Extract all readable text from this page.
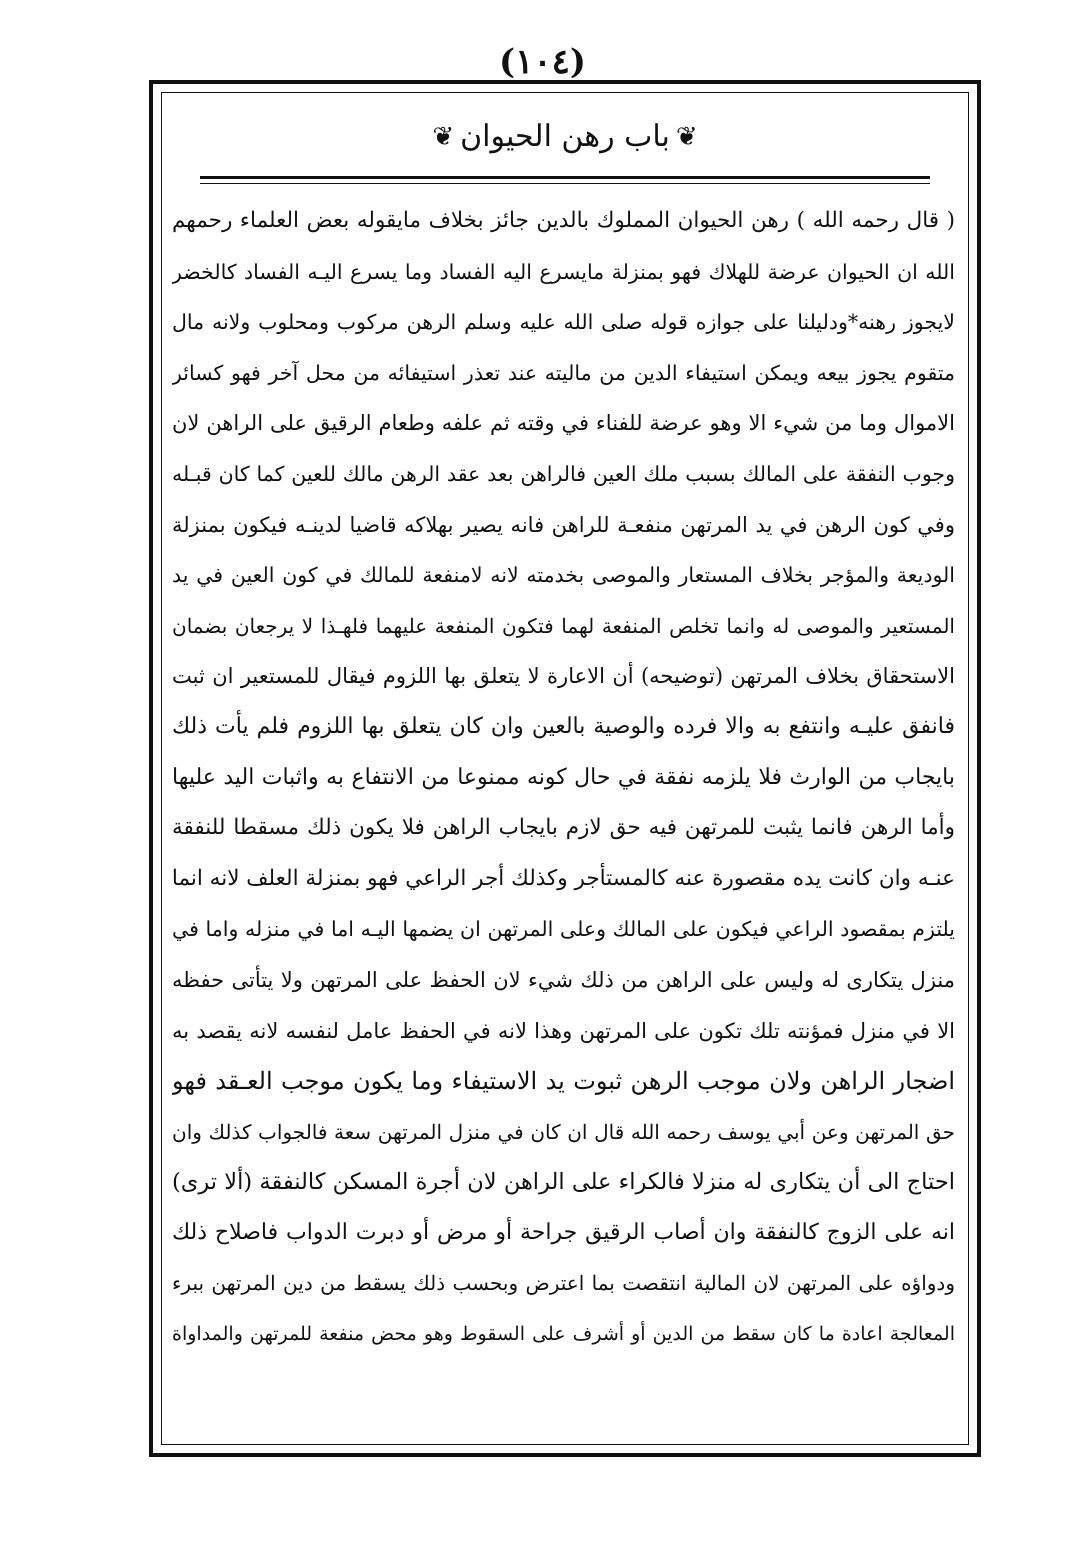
(١٠٤)
❦
باب رهن الحيوان
❦
( قال رحمه الله ) رهن الحيوان المملوك بالدين جائز بخلاف مايقوله بعض العلماء رحمهم
الله ان الحيوان عرضة للهلاك فهو بمنزلة مايسرع اليه الفساد وما يسرع اليـه الفساد كالخضر
لايجوز رهنه*ودليلنا على جوازه قوله صلى الله عليه وسلم الرهن مركوب ومحلوب ولانه مال
متقوم يجوز بيعه ويمكن استيفاء الدين من ماليته عند تعذر استيفائه من محل آخر فهو كسائر
الاموال وما من شيء الا وهو عرضة للفناء في وقته ثم علفه وطعام الرقيق على الراهن لان
وجوب النفقة على المالك بسبب ملك العين فالراهن بعد عقد الرهن مالك للعين كما كان قبـله
وفي كون الرهن في يد المرتهن منفعـة للراهن فانه يصير بهلاكه قاضيا لدينـه فيكون بمنزلة
الوديعة والمؤجر بخلاف المستعار والموصى بخدمته لانه لامنفعة للمالك في كون العين في يد
المستعير والموصى له وانما تخلص المنفعة لهما فتكون المنفعة عليهما فلهـذا لا يرجعان بضمان
الاستحقاق بخلاف المرتهن (توضيحه) أن الاعارة لا يتعلق بها اللزوم فيقال للمستعير ان ثبت
فانفق عليـه وانتفع به والا فرده والوصية بالعين وان كان يتعلق بها اللزوم فلم يأت ذلك
بايجاب من الوارث فلا يلزمه نفقة في حال كونه ممنوعا من الانتفاع به واثبات اليد عليها
وأما الرهن فانما يثبت للمرتهن فيه حق لازم بايجاب الراهن فلا يكون ذلك مسقطا للنفقة
عنـه وان كانت يده مقصورة عنه كالمستأجر وكذلك أجر الراعي فهو بمنزلة العلف لانه انما
يلتزم بمقصود الراعي فيكون على المالك وعلى المرتهن ان يضمها اليـه اما في منزله واما في
منزل يتكارى له وليس على الراهن من ذلك شيء لان الحفظ على المرتهن ولا يتأتى حفظه
الا في منزل فمؤنته تلك تكون على المرتهن وهذا لانه في الحفظ عامل لنفسه لانه يقصد به
اضجار الراهن ولان موجب الرهن ثبوت يد الاستيفاء وما يكون موجب العـقد فهو
حق المرتهن وعن أبي يوسف رحمه الله قال ان كان في منزل المرتهن سعة فالجواب كذلك وان
احتاج الى أن يتكارى له منزلا فالكراء على الراهن لان أجرة المسكن كالنفقة (ألا ترى)
انه على الزوج كالنفقة وان أصاب الرقيق جراحة أو مرض أو دبرت الدواب فاصلاح ذلك
ودواؤه على المرتهن لان المالية انتقصت بما اعترض وبحسب ذلك يسقط من دين المرتهن ببرء
المعالجة اعادة ما كان سقط من الدين أو أشرف على السقوط وهو محض منفعة للمرتهن والمداواة
